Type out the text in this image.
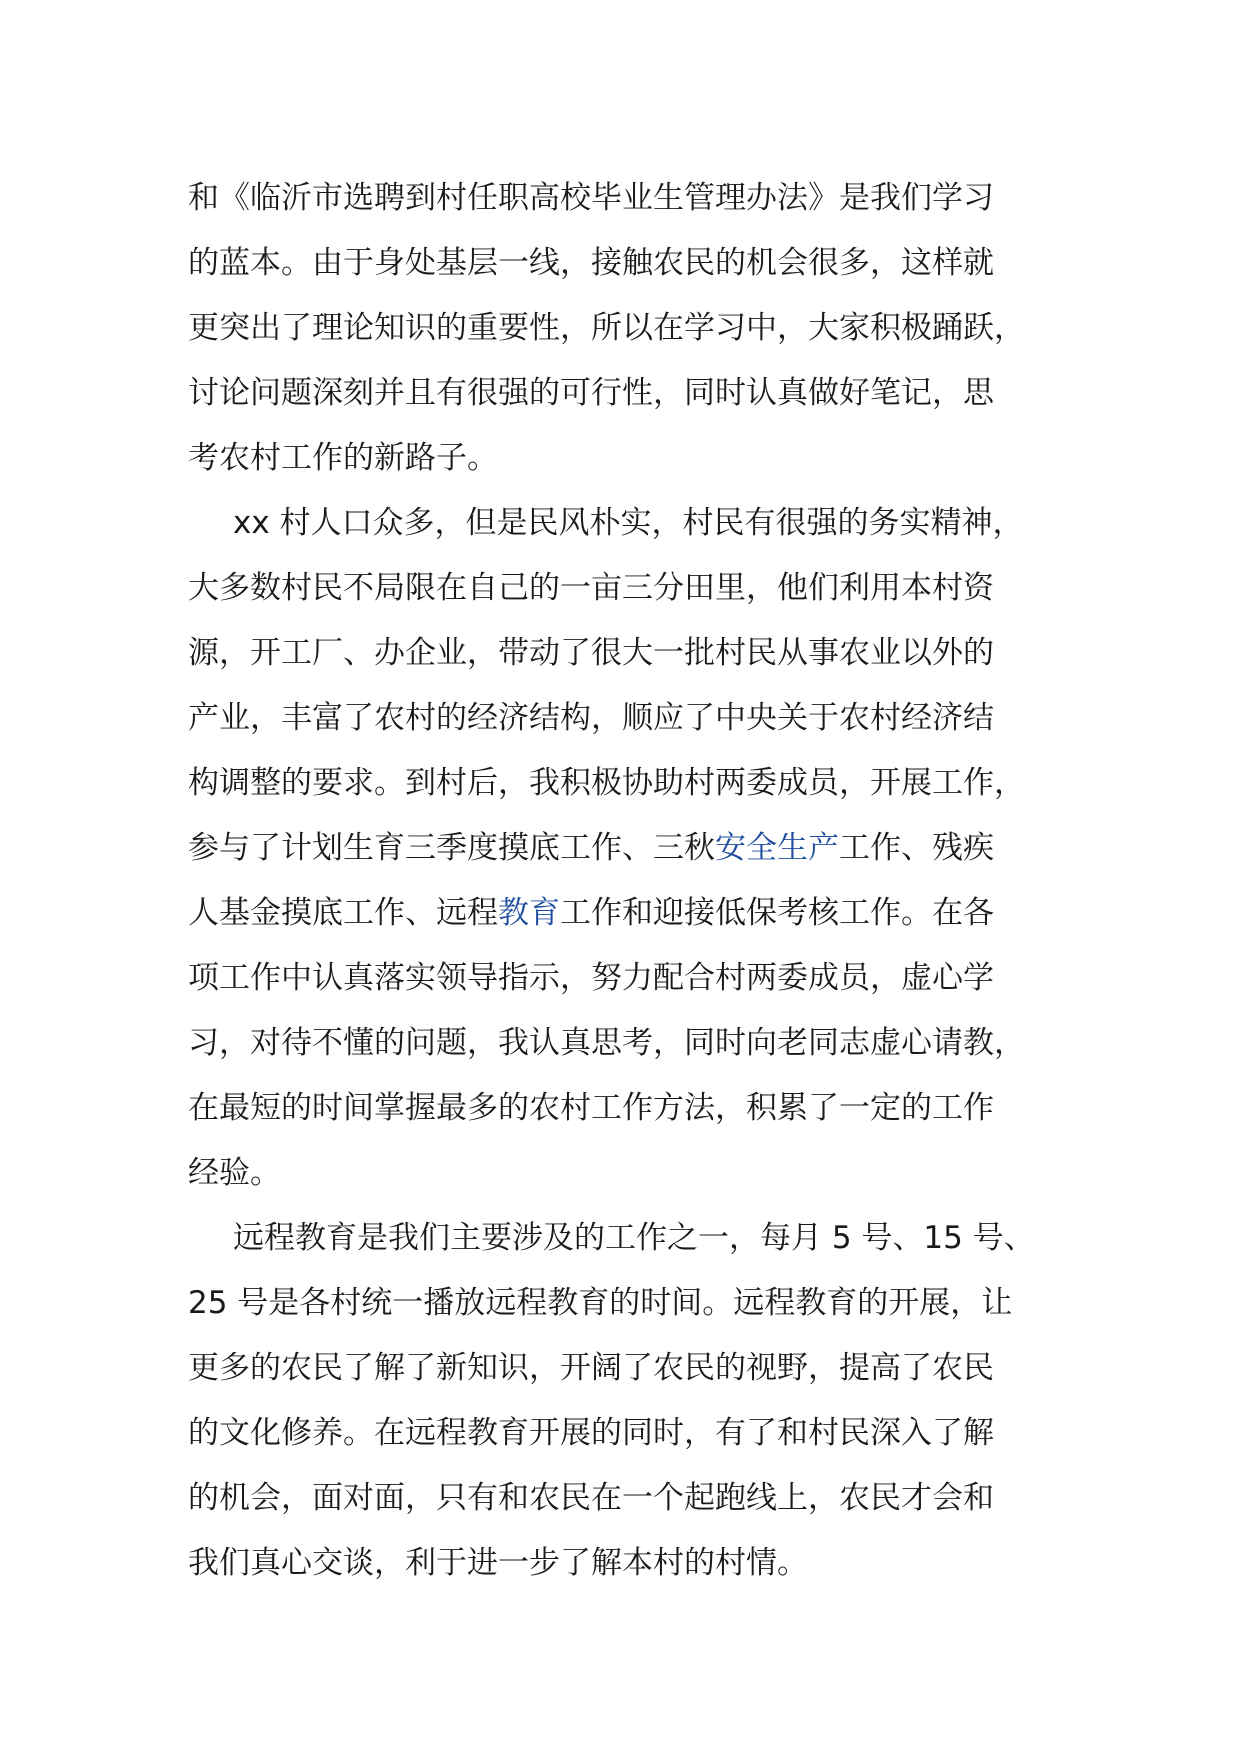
和《临沂市选聘到村任职高校毕业生管理办法》是我们学习
的蓝本。由于身处基层一线，接触农民的机会很多，这样就
更突出了理论知识的重要性，所以在学习中，大家积极踊跃，
讨论问题深刻并且有很强的可行性，同时认真做好笔记，思
考农村工作的新路子。

xx 村人口众多，但是民风朴实，村民有很强的务实精神，
大多数村民不局限在自己的一亩三分田里，他们利用本村资
源，开工厂、办企业，带动了很大一批村民从事农业以外的
产业，丰富了农村的经济结构，顺应了中央关于农村经济结
构调整的要求。到村后，我积极协助村两委成员，开展工作，
参与了计划生育三季度摸底工作、三秋安全生产工作、残疾
人基金摸底工作、远程教育工作和迎接低保考核工作。在各
项工作中认真落实领导指示，努力配合村两委成员，虚心学
习，对待不懂的问题，我认真思考，同时向老同志虚心请教，
在最短的时间掌握最多的农村工作方法，积累了一定的工作
经验。

远程教育是我们主要涉及的工作之一，每月 5 号、15 号、
25 号是各村统一播放远程教育的时间。远程教育的开展，让
更多的农民了解了新知识，开阔了农民的视野，提高了农民
的文化修养。在远程教育开展的同时，有了和村民深入了解
的机会，面对面，只有和农民在一个起跑线上，农民才会和
我们真心交谈，利于进一步了解本村的村情。
